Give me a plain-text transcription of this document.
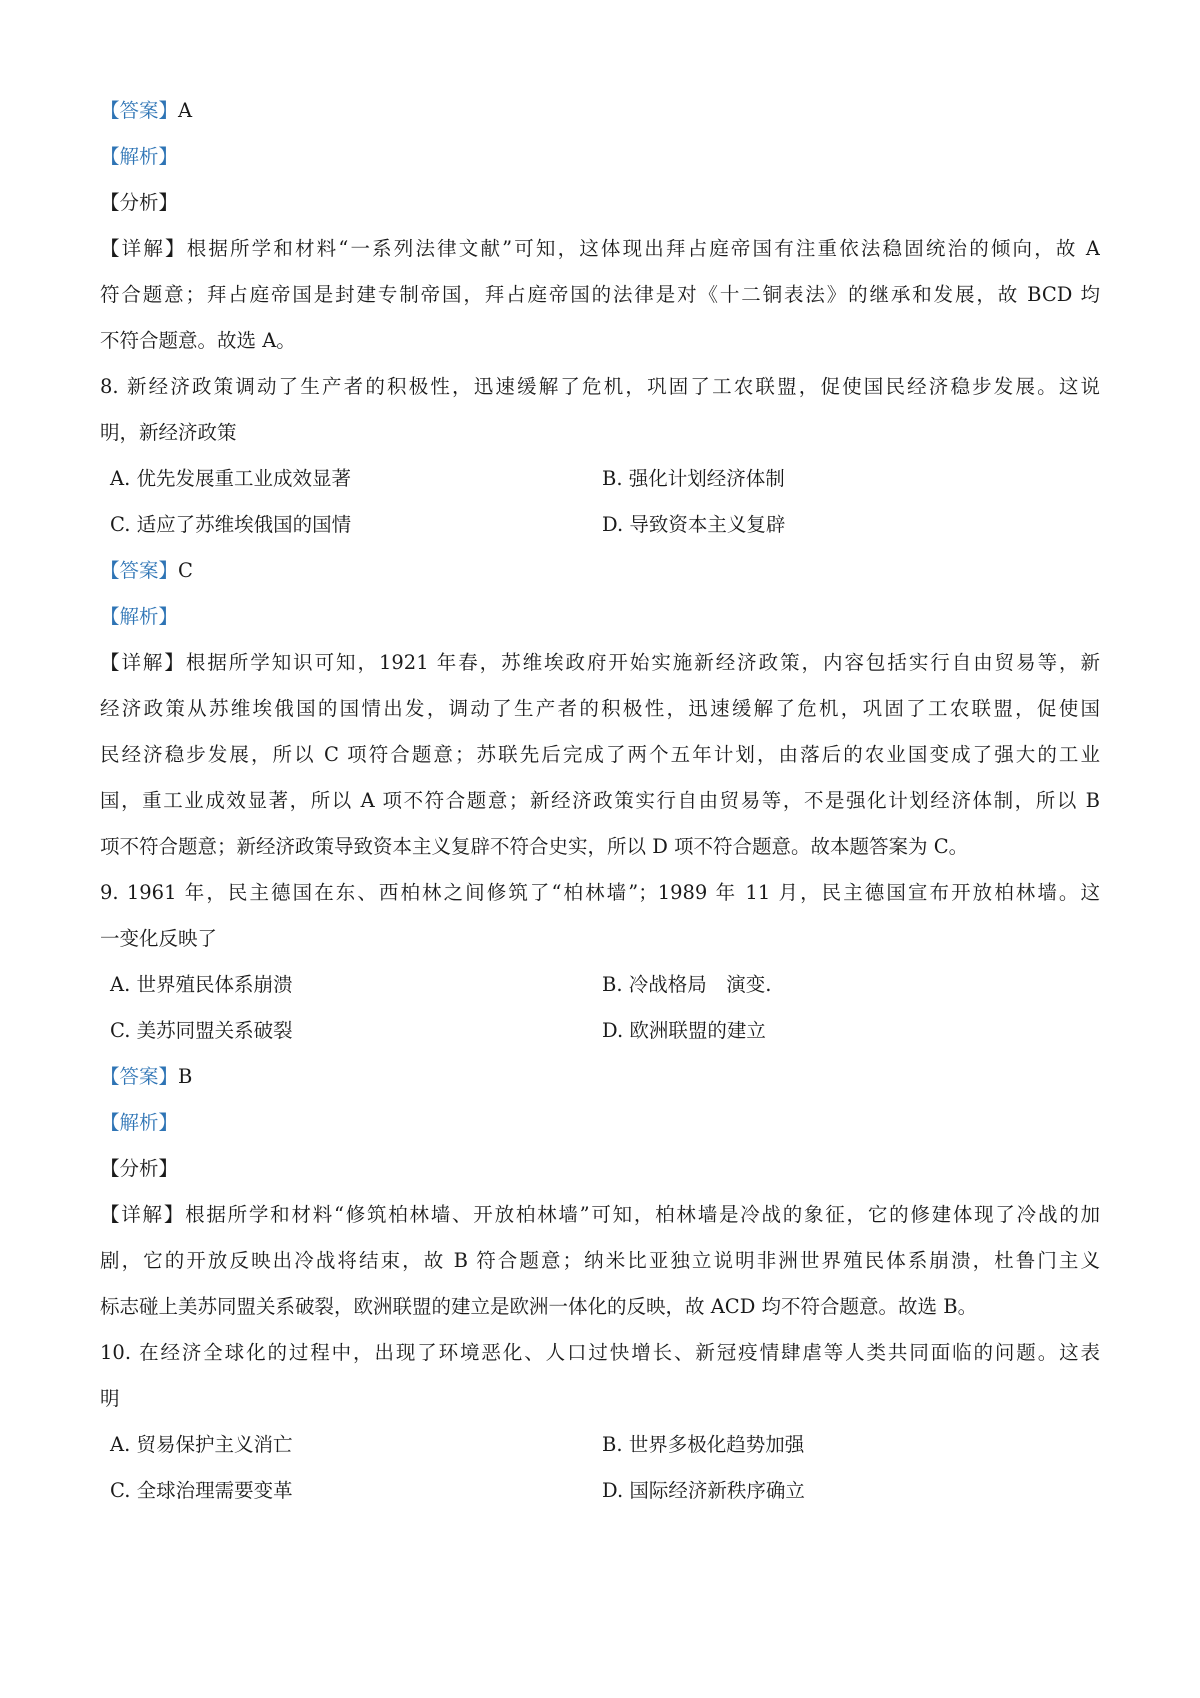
【答案】A
【解析】
【分析】
【详解】根据所学和材料“一系列法律文献”可知，这体现出拜占庭帝国有注重依法稳固统治的倾向，故 A
符合题意；拜占庭帝国是封建专制帝国，拜占庭帝国的法律是对《十二铜表法》的继承和发展，故 BCD 均
不符合题意。故选 A。
8. 新经济政策调动了生产者的积极性，迅速缓解了危机，巩固了工农联盟，促使国民经济稳步发展。这说
明，新经济政策
A. 优先发展重工业成效显著	B. 强化计划经济体制
C. 适应了苏维埃俄国的国情	D. 导致资本主义复辟
【答案】C
【解析】
【详解】根据所学知识可知，1921 年春，苏维埃政府开始实施新经济政策，内容包括实行自由贸易等，新
经济政策从苏维埃俄国的国情出发，调动了生产者的积极性，迅速缓解了危机，巩固了工农联盟，促使国
民经济稳步发展，所以 C 项符合题意；苏联先后完成了两个五年计划，由落后的农业国变成了强大的工业
国，重工业成效显著，所以 A 项不符合题意；新经济政策实行自由贸易等，不是强化计划经济体制，所以 B
项不符合题意；新经济政策导致资本主义复辟不符合史实，所以 D 项不符合题意。故本题答案为 C。
9. 1961 年，民主德国在东、西柏林之间修筑了“柏林墙”；1989 年 11 月，民主德国宣布开放柏林墙。这
一变化反映了
A. 世界殖民体系崩溃	B. 冷战格局 演变.
C. 美苏同盟关系破裂	D. 欧洲联盟的建立
【答案】B
【解析】
【分析】
【详解】根据所学和材料“修筑柏林墙、开放柏林墙”可知，柏林墙是冷战的象征，它的修建体现了冷战的加
剧，它的开放反映出冷战将结束，故 B 符合题意；纳米比亚独立说明非洲世界殖民体系崩溃，杜鲁门主义
标志碰上美苏同盟关系破裂，欧洲联盟的建立是欧洲一体化的反映，故 ACD 均不符合题意。故选 B。
10. 在经济全球化的过程中，出现了环境恶化、人口过快增长、新冠疫情肆虐等人类共同面临的问题。这表
明
A. 贸易保护主义消亡	B. 世界多极化趋势加强
C. 全球治理需要变革	D. 国际经济新秩序确立
